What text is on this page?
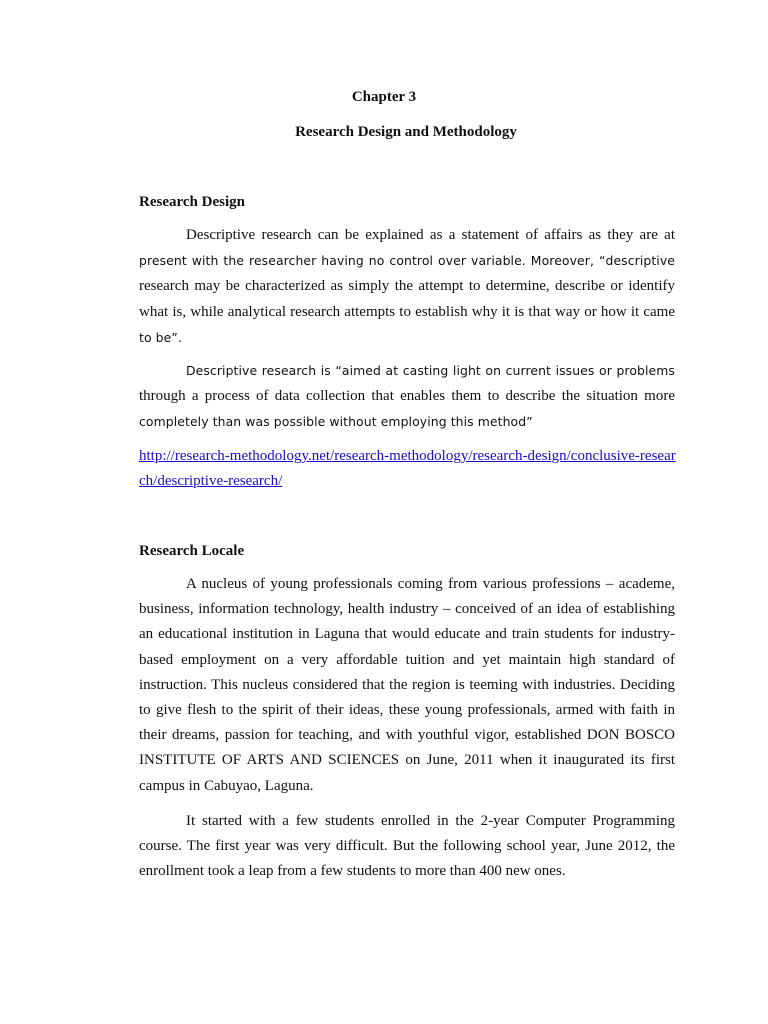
Chapter 3
Research Design and Methodology
Research Design

Descriptive research can be explained as a statement of affairs as they are at present with the researcher having no control over variable. Moreover, “descriptive research may be characterized as simply the attempt to determine, describe or identify what is, while analytical research attempts to establish why it is that way or how it came to be”.

Descriptive research is “aimed at casting light on current issues or problems through a process of data collection that enables them to describe the situation more completely than was possible without employing this method”

http://research-methodology.net/research-methodology/research-design/conclusive-research/descriptive-research/
Research Locale

A nucleus of young professionals coming from various professions – academe, business, information technology, health industry – conceived of an idea of establishing an educational institution in Laguna that would educate and train students for industry-based employment on a very affordable tuition and yet maintain high standard of instruction. This nucleus considered that the region is teeming with industries. Deciding to give flesh to the spirit of their ideas, these young professionals, armed with faith in their dreams, passion for teaching, and with youthful vigor, established DON BOSCO INSTITUTE OF ARTS AND SCIENCES on June, 2011 when it inaugurated its first campus in Cabuyao, Laguna.

It started with a few students enrolled in the 2-year Computer Programming course. The first year was very difficult. But the following school year, June 2012, the enrollment took a leap from a few students to more than 400 new ones.
